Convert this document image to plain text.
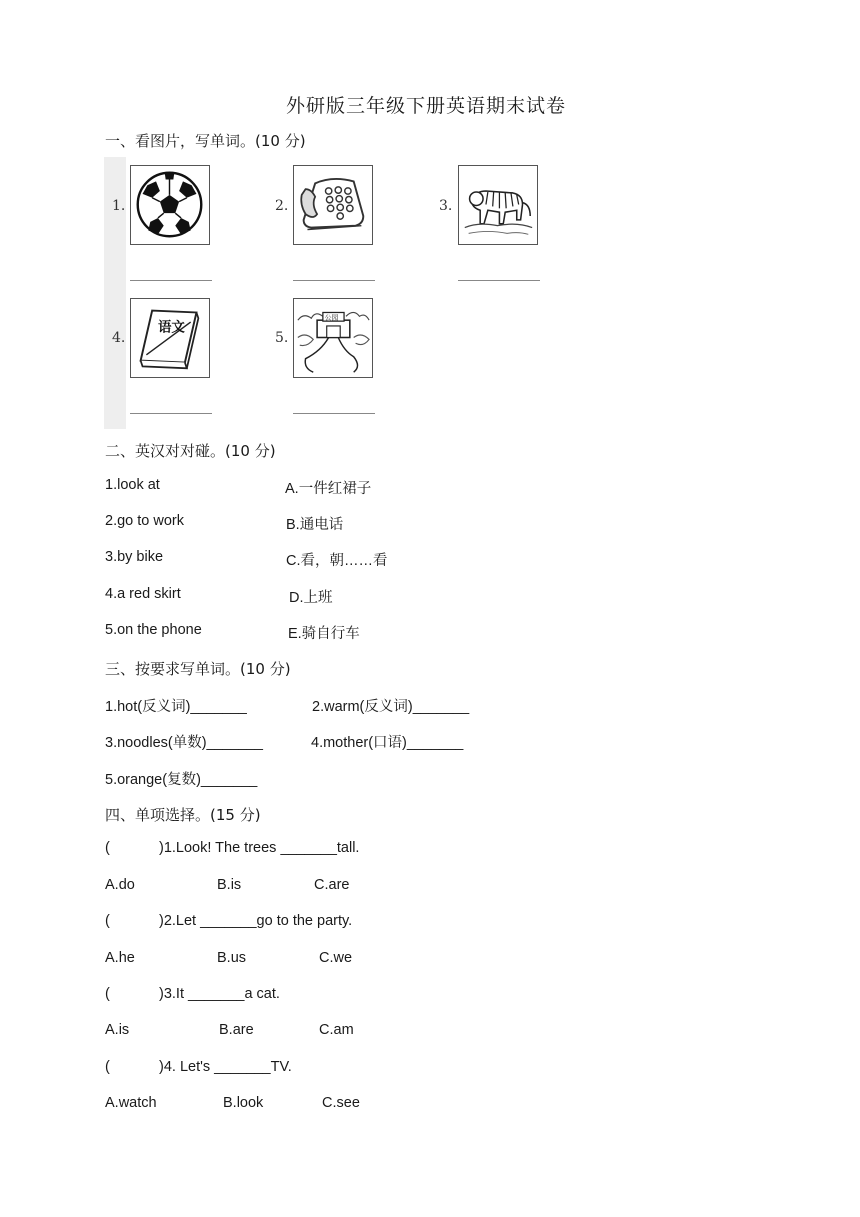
外研版三年级下册英语期末试卷
一、看图片，写单词。(10 分)
1.	2.	3.
4.
语文
5.
公园
二、英汉对对碰。(10 分)
1.look at	A.一件红裙子
2.go to work	B.通电话
3.by bike	C.看，朝……看
4.a red skirt	D.上班
5.on the phone	E.骑自行车
三、按要求写单词。(10 分)
1.hot(反义词)_______	2.warm(反义词)_______
3.noodles(单数)_______	4.mother(口语)_______
5.orange(复数)_______
四、单项选择。(15 分)
(	)1.Look! The trees _______tall.
A.do	B.is	C.are
(	)2.Let _______go to the party.
A.he	B.us	C.we
(	)3.It _______a cat.
A.is	B.are	C.am
(	)4. Let's _______TV.
A.watch	B.look	C.see
